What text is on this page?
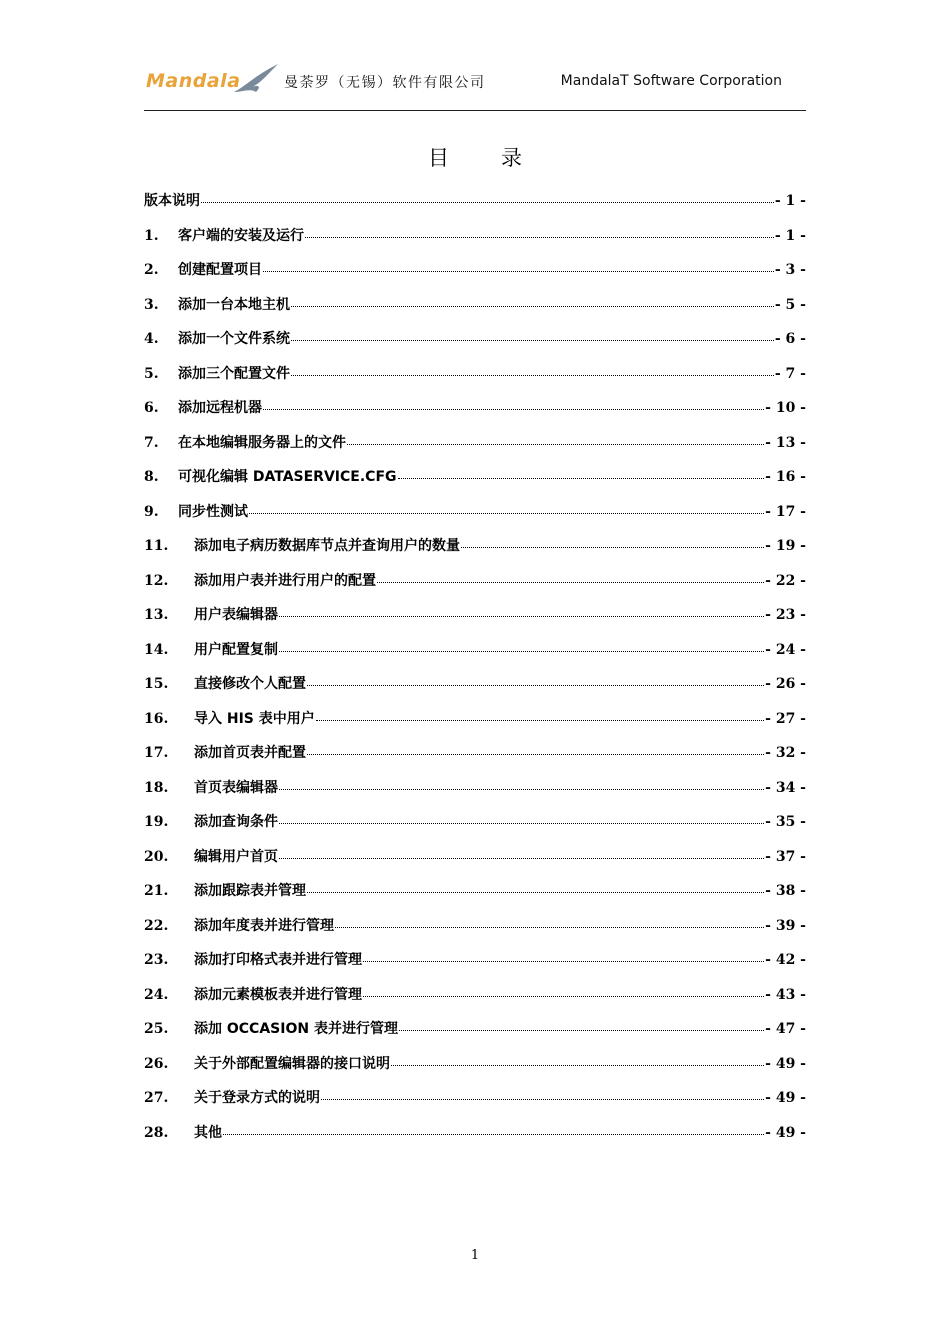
Mandala	曼荼罗（无锡）软件有限公司	MandalaT Software Corporation
目录
版本说明	- 1 -
1.	客户端的安装及运行	- 1 -
2.	创建配置项目	- 3 -
3.	添加一台本地主机	- 5 -
4.	添加一个文件系统	- 6 -
5.	添加三个配置文件	- 7 -
6.	添加远程机器	- 10 -
7.	在本地编辑服务器上的文件	- 13 -
8.	可视化编辑 DATASERVICE.CFG	- 16 -
9.	同步性测试	- 17 -
11.	添加电子病历数据库节点并查询用户的数量	- 19 -
12.	添加用户表并进行用户的配置	- 22 -
13.	用户表编辑器	- 23 -
14.	用户配置复制	- 24 -
15.	直接修改个人配置	- 26 -
16.	导入 HIS 表中用户	- 27 -
17.	添加首页表并配置	- 32 -
18.	首页表编辑器	- 34 -
19.	添加查询条件	- 35 -
20.	编辑用户首页	- 37 -
21.	添加跟踪表并管理	- 38 -
22.	添加年度表并进行管理	- 39 -
23.	添加打印格式表并进行管理	- 42 -
24.	添加元素模板表并进行管理	- 43 -
25.	添加 OCCASION 表并进行管理	- 47 -
26.	关于外部配置编辑器的接口说明	- 49 -
27.	关于登录方式的说明	- 49 -
28.	其他	- 49 -
1
